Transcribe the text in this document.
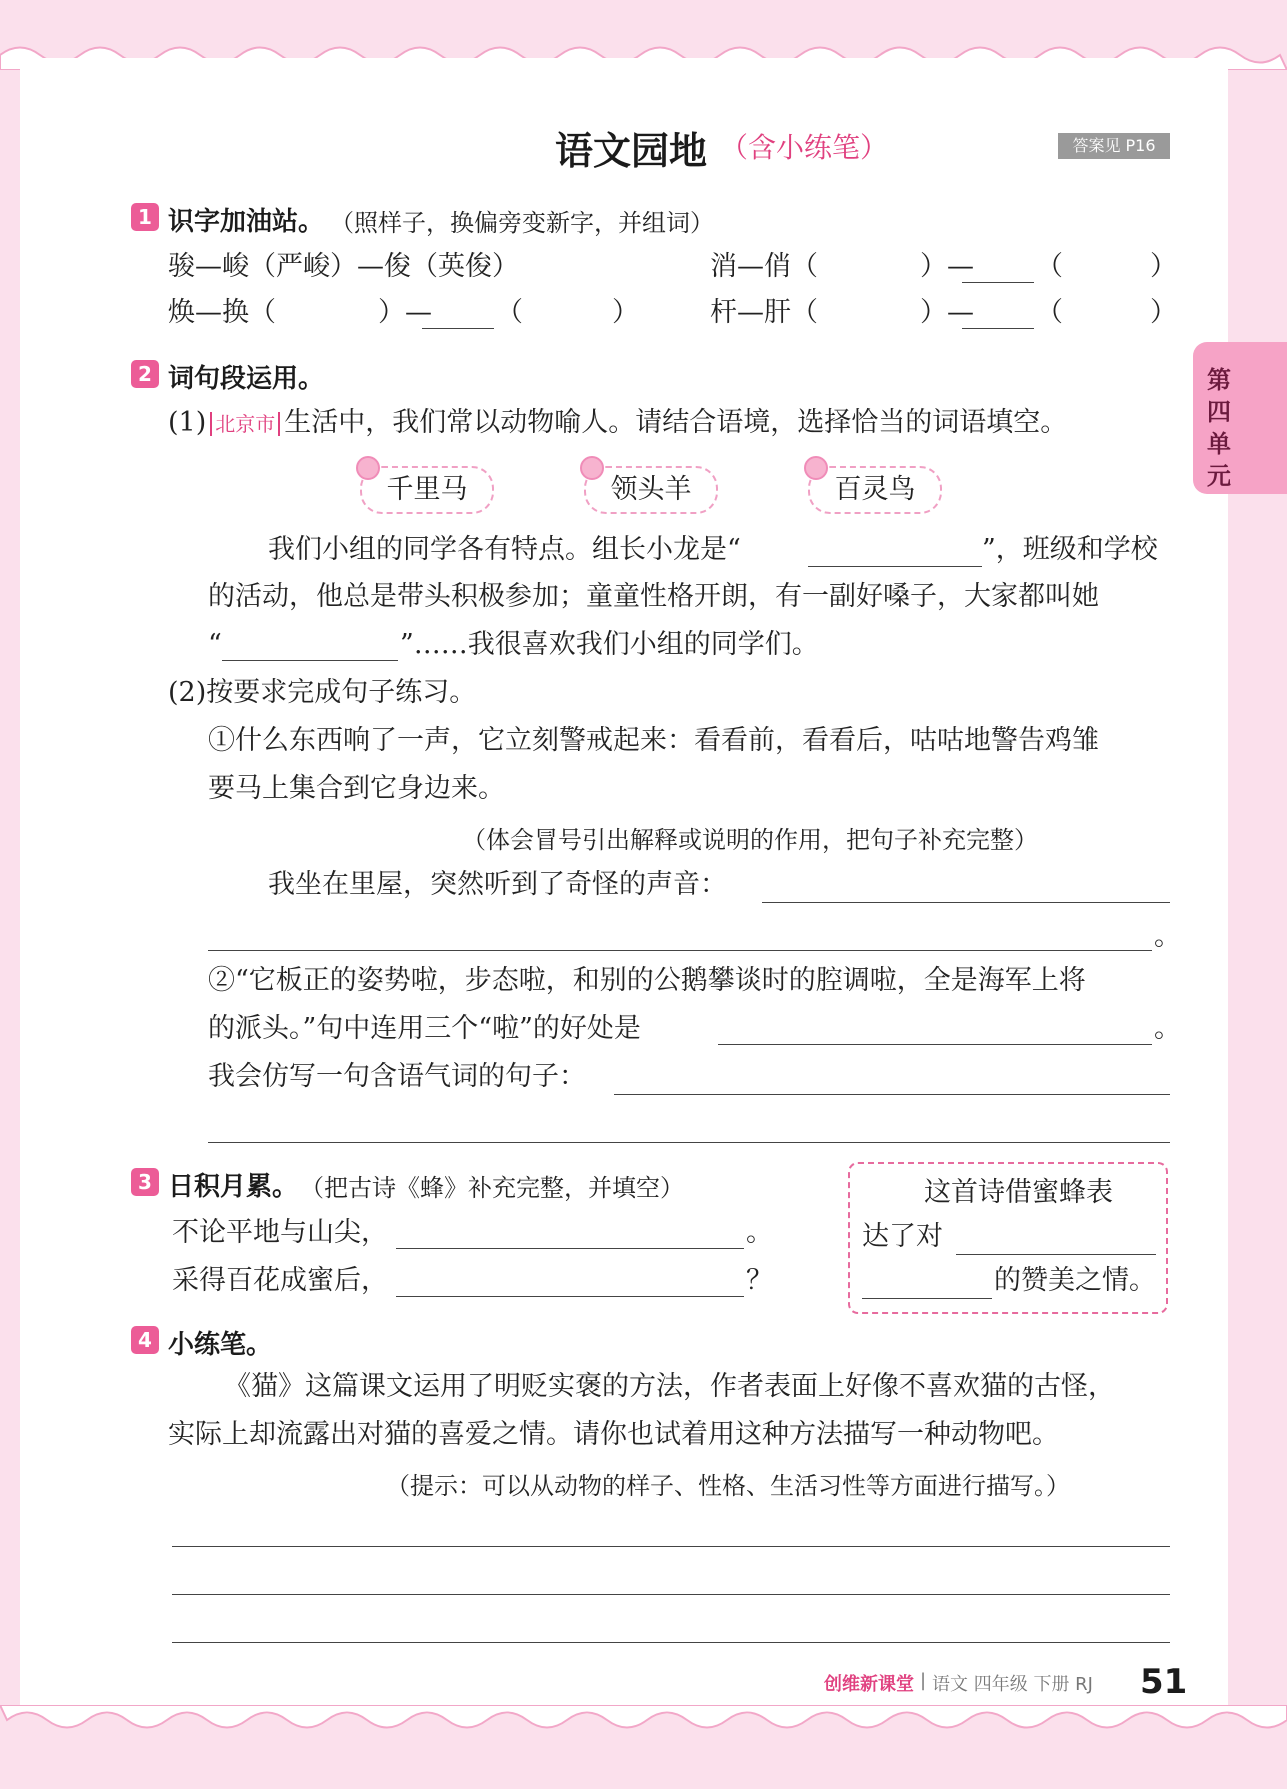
语文园地 （含小练笔）	答案见 P16
第四单元
1 识字加油站。 （照样子，换偏旁变新字，并组词）
骏—峻（严峻）—俊（英俊）	消—俏（	）— （	）
焕—换（	）— （	）	杆—肝（	）— （	）
2 词句段运用。
(1) 北京市 生活中，我们常以动物喻人。请结合语境，选择恰当的词语填空。
千里马	领头羊	百灵鸟
我们小组的同学各有特点。组长小龙是“	”，班级和学校
的活动，他总是带头积极参加；童童性格开朗，有一副好嗓子，大家都叫她
“	”……我很喜欢我们小组的同学们。
(2)按要求完成句子练习。
①什么东西响了一声，它立刻警戒起来：看看前，看看后，咕咕地警告鸡雏
要马上集合到它身边来。
（体会冒号引出解释或说明的作用，把句子补充完整）
我坐在里屋，突然听到了奇怪的声音：
。
②“它板正的姿势啦，步态啦，和别的公鹅攀谈时的腔调啦，全是海军上将
的派头。”句中连用三个“啦”的好处是	。
我会仿写一句含语气词的句子：
3 日积月累。 （把古诗《蜂》补充完整，并填空）
不论平地与山尖，	。
采得百花成蜜后，	？
这首诗借蜜蜂表
达了对
的赞美之情。
4 小练笔。
《猫》这篇课文运用了明贬实褒的方法，作者表面上好像不喜欢猫的古怪，
实际上却流露出对猫的喜爱之情。请你也试着用这种方法描写一种动物吧。
（提示：可以从动物的样子、性格、生活习性等方面进行描写。）
创维新课堂 | 语文 四年级 下册 RJ 51
